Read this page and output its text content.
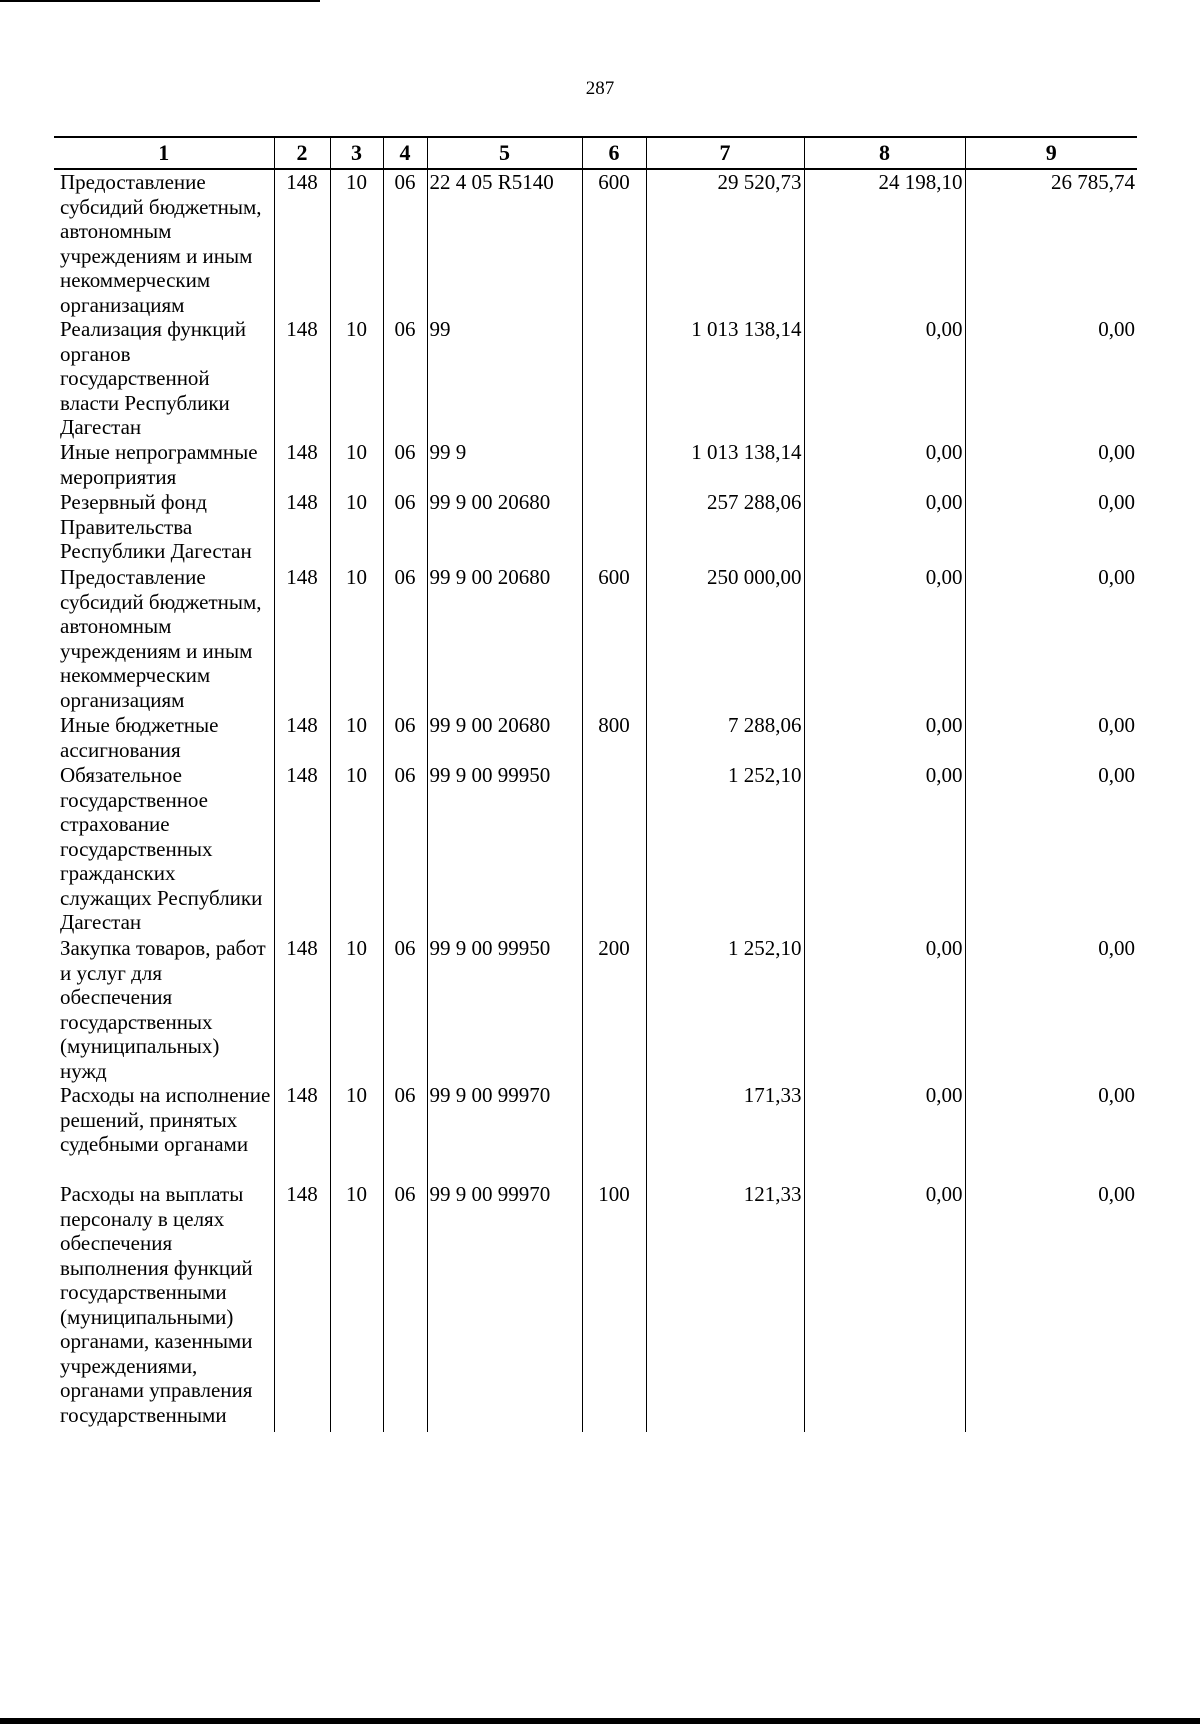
287
1	2	3	4	5	6	7	8	9
Предоставление субсидий бюджетным, автономным учреждениям и иным некоммерческим организациям	148	10	06	22 4 05 R5140	600	29 520,73	24 198,10	26 785,74
Реализация функций органов государственной власти Республики Дагестан	148	10	06	99		1 013 138,14	0,00	0,00
Иные непрограммные мероприятия	148	10	06	99 9		1 013 138,14	0,00	0,00
Резервный фонд Правительства Республики Дагестан	148	10	06	99 9 00 20680		257 288,06	0,00	0,00
Предоставление субсидий бюджетным, автономным учреждениям и иным некоммерческим организациям	148	10	06	99 9 00 20680	600	250 000,00	0,00	0,00
Иные бюджетные ассигнования	148	10	06	99 9 00 20680	800	7 288,06	0,00	0,00
Обязательное государственное страхование государственных гражданских служащих Республики Дагестан	148	10	06	99 9 00 99950		1 252,10	0,00	0,00
Закупка товаров, работ и услуг для обеспечения государственных (муниципальных) нужд	148	10	06	99 9 00 99950	200	1 252,10	0,00	0,00
Расходы на исполнение решений, принятых судебными органами	148	10	06	99 9 00 99970		171,33	0,00	0,00
Расходы на выплаты персоналу в целях обеспечения выполнения функций государственными (муниципальными) органами, казенными учреждениями, органами управления государственными	148	10	06	99 9 00 99970	100	121,33	0,00	0,00
